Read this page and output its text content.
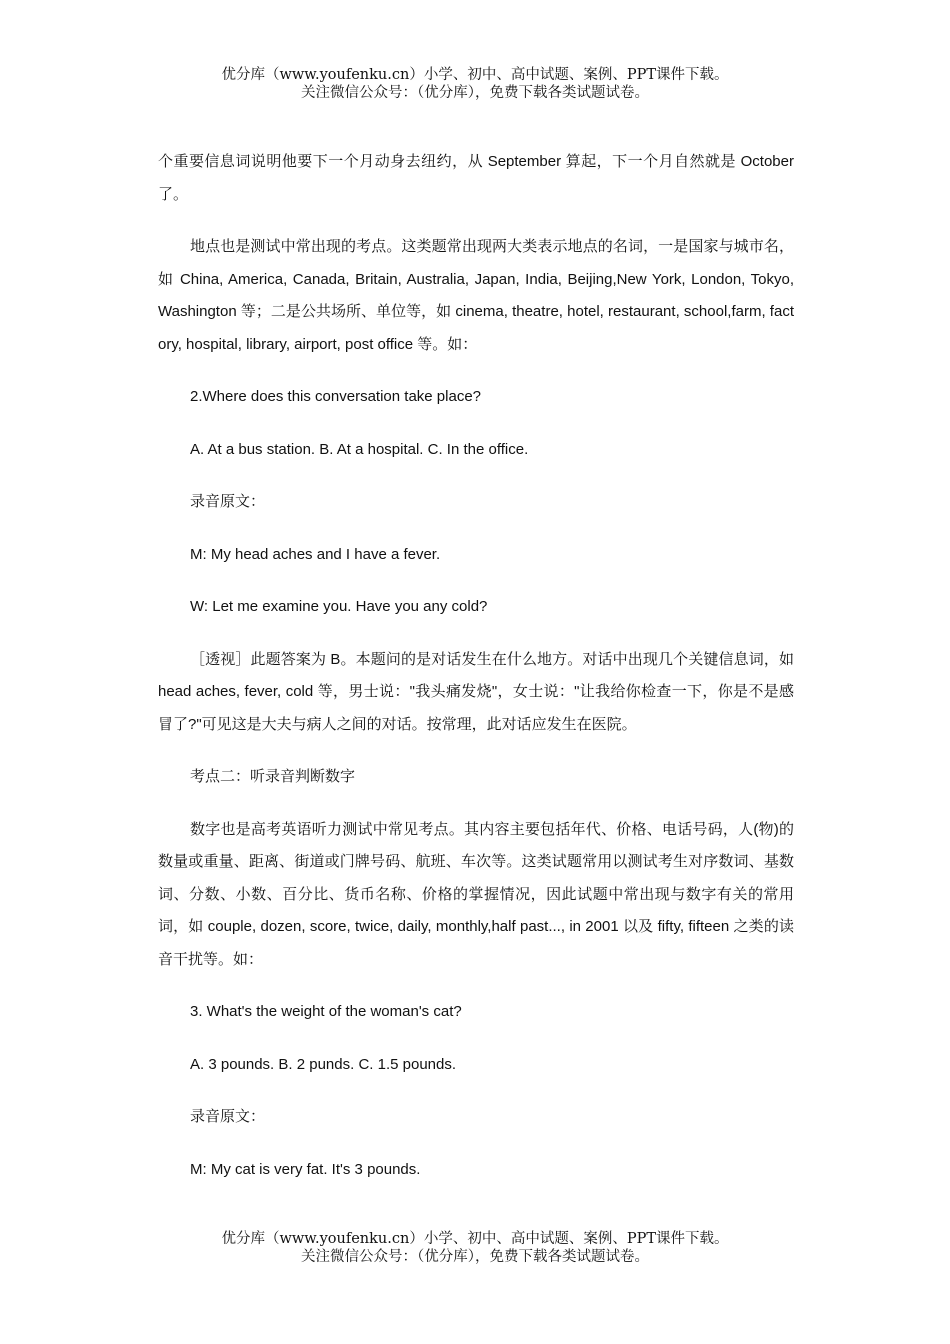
优分库（www.youfenku.cn）小学、初中、高中试题、案例、PPT课件下载。
关注微信公众号：（优分库），免费下载各类试题试卷。

个重要信息词说明他要下一个月动身去纽约，从 September 算起，下一个月自然就是 October 了。

地点也是测试中常出现的考点。这类题常出现两大类表示地点的名词，一是国家与城市名，如 China, America, Canada, Britain, Australia, Japan, India, Beijing,New York, London, Tokyo, Washington 等；二是公共场所、单位等，如 cinema, theatre, hotel, restaurant, school,farm, factory, hospital, library, airport, post office 等。如：

2.Where does this conversation take place?

A. At a bus station. B. At a hospital. C. In the office.

录音原文：

M: My head aches and I have a fever.

W: Let me examine you. Have you any cold?

［透视］此题答案为 B。本题问的是对话发生在什么地方。对话中出现几个关键信息词，如 head aches, fever, cold 等，男士说："我头痛发烧"，女士说："让我给你检查一下，你是不是感冒了?"可见这是大夫与病人之间的对话。按常理，此对话应发生在医院。

考点二：听录音判断数字

数字也是高考英语听力测试中常见考点。其内容主要包括年代、价格、电话号码，人(物)的数量或重量、距离、街道或门牌号码、航班、车次等。这类试题常用以测试考生对序数词、基数词、分数、小数、百分比、货币名称、价格的掌握情况，因此试题中常出现与数字有关的常用词，如 couple, dozen, score, twice, daily, monthly,half past..., in 2001 以及 fifty, fifteen 之类的读音干扰等。如：

3. What's the weight of the woman's cat?

A. 3 pounds. B. 2 punds. C. 1.5 pounds.

录音原文：

M: My cat is very fat. It's 3 pounds.

优分库（www.youfenku.cn）小学、初中、高中试题、案例、PPT课件下载。
关注微信公众号：（优分库），免费下载各类试题试卷。
